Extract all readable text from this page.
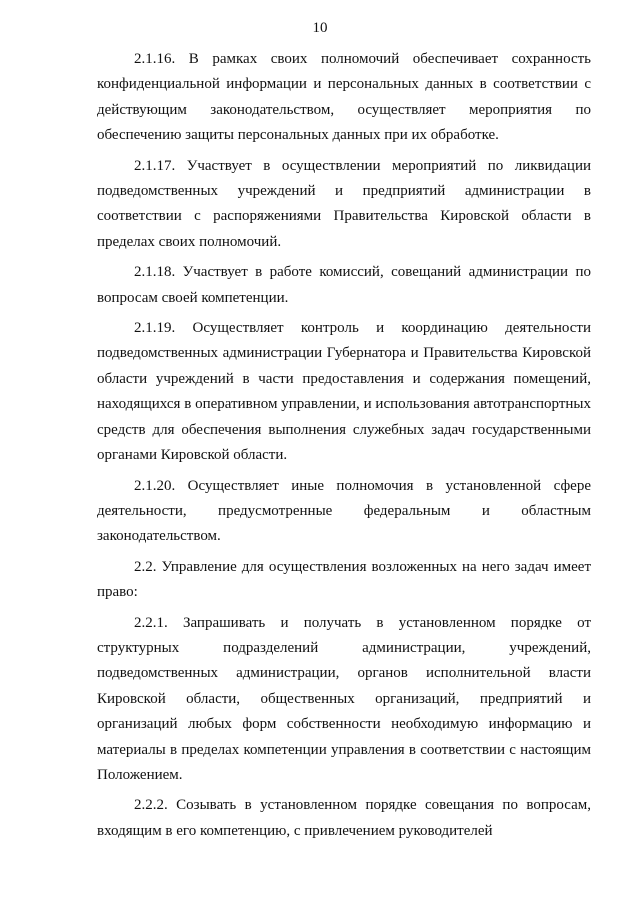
10

2.1.16. В рамках своих полномочий обеспечивает сохранность конфиденциальной информации и персональных данных в соответствии с действующим законодательством, осуществляет мероприятия по обеспечению защиты персональных данных при их обработке.

2.1.17. Участвует в осуществлении мероприятий по ликвидации подведомственных учреждений и предприятий администрации в соответствии с распоряжениями Правительства Кировской области в пределах своих полномочий.

2.1.18. Участвует в работе комиссий, совещаний администрации по вопросам своей компетенции.

2.1.19. Осуществляет контроль и координацию деятельности подведомственных администрации Губернатора и Правительства Кировской области учреждений в части предоставления и содержания помещений, находящихся в оперативном управлении, и использования автотранспортных средств для обеспечения выполнения служебных задач государственными органами Кировской области.

2.1.20. Осуществляет иные полномочия в установленной сфере деятельности, предусмотренные федеральным и областным законодательством.

2.2. Управление для осуществления возложенных на него задач имеет право:

2.2.1. Запрашивать и получать в установленном порядке от структурных подразделений администрации, учреждений, подведомственных администрации, органов исполнительной власти Кировской области, общественных организаций, предприятий и организаций любых форм собственности необходимую информацию и материалы в пределах компетенции управления в соответствии с настоящим Положением.

2.2.2. Созывать в установленном порядке совещания по вопросам, входящим в его компетенцию, с привлечением руководителей
